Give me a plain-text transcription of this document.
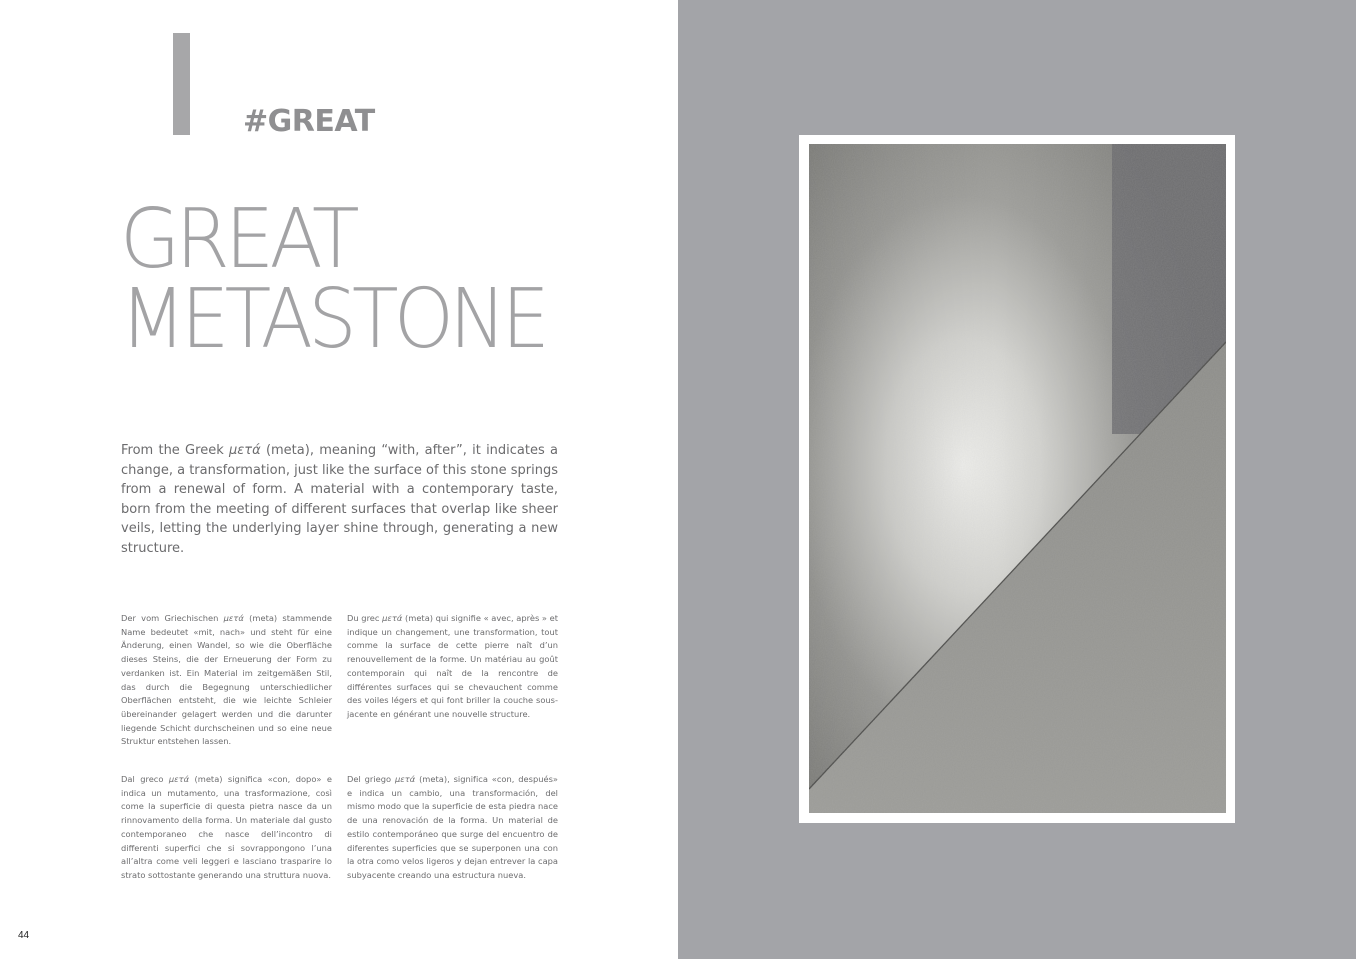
#GREAT
GREAT
METASTONE

From the Greek μετά (meta), meaning “with, after”, it indicates a change, a transformation, just like the surface of this stone springs from a renewal of form. A material with a contemporary taste, born from the meeting of different surfaces that overlap like sheer veils, letting the underlying layer shine through, generating a new structure.

Der vom Griechischen μετά (meta) stammende Name bedeutet «mit, nach» und steht für eine Änderung, einen Wandel, so wie die Oberfläche dieses Steins, die der Erneuerung der Form zu verdanken ist. Ein Material im zeitgemäßen Stil, das durch die Begegnung unterschiedlicher Oberflächen entsteht, die wie leichte Schleier übereinander gelagert werden und die darunter liegende Schicht durchscheinen und so eine neue Struktur entstehen lassen.

Du grec μετά (meta) qui signifie « avec, après » et indique un changement, une transformation, tout comme la surface de cette pierre naît d’un renouvellement de la forme. Un matériau au goût contemporain qui naît de la rencontre de différentes surfaces qui se chevauchent comme des voiles légers et qui font briller la couche sous-jacente en générant une nouvelle structure.

Dal greco μετά (meta) significa «con, dopo» e indica un mutamento, una trasformazione, così come la superficie di questa pietra nasce da un rinnovamento della forma. Un materiale dal gusto contemporaneo che nasce dell’incontro di differenti superfici che si sovrappongono l’una all’altra come veli leggeri e lasciano trasparire lo strato sottostante generando una struttura nuova.

Del griego μετά (meta), significa «con, después» e indica un cambio, una transformación, del mismo modo que la superficie de esta piedra nace de una renovación de la forma. Un material de estilo contemporáneo que surge del encuentro de diferentes superficies que se superponen una con la otra como velos ligeros y dejan entrever la capa subyacente creando una estructura nueva.

44
